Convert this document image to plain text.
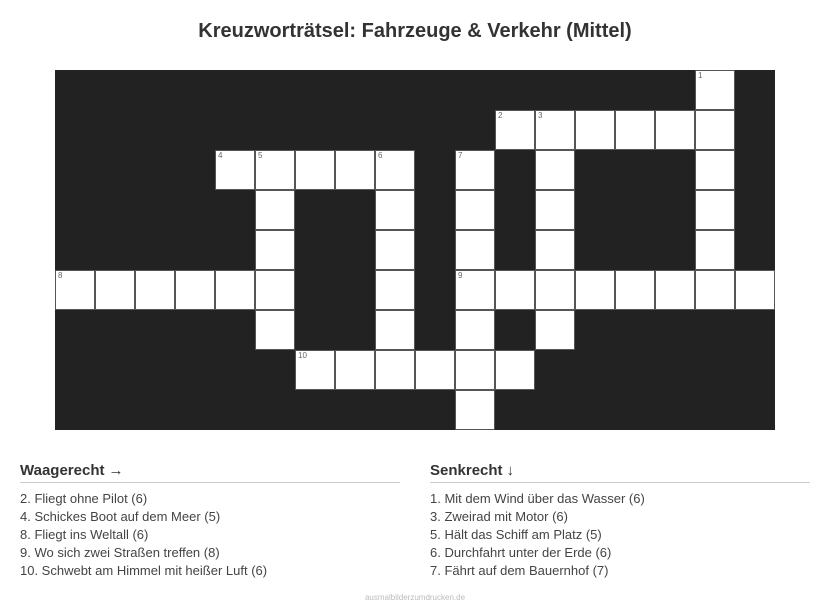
Kreuzworträtsel: Fahrzeuge & Verkehr (Mittel)
2	3
4	5	6
8	9
10
1
7
Waagerecht →
2. Fliegt ohne Pilot (6)
4. Schickes Boot auf dem Meer (5)
8. Fliegt ins Weltall (6)
9. Wo sich zwei Straßen treffen (8)
10. Schwebt am Himmel mit heißer Luft (6)
Senkrecht ↓
1. Mit dem Wind über das Wasser (6)
3. Zweirad mit Motor (6)
5. Hält das Schiff am Platz (5)
6. Durchfahrt unter der Erde (6)
7. Fährt auf dem Bauernhof (7)
ausmalbilderzumdrucken.de
